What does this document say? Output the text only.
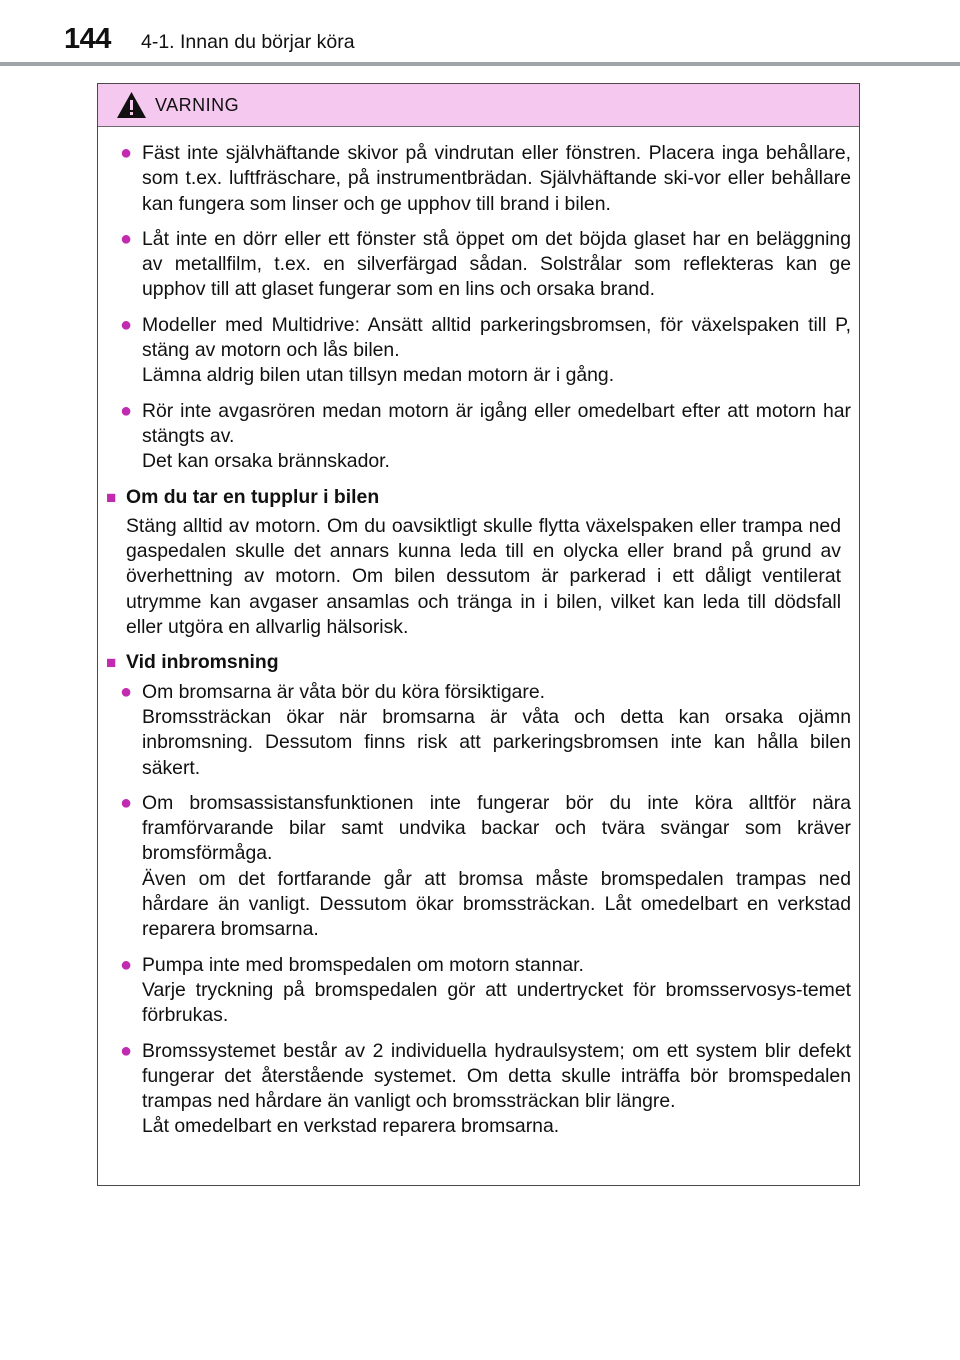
144 4-1. Innan du börjar köra
VARNING
● Fäst inte självhäftande skivor på vindrutan eller fönstren. Placera inga behållare, som t.ex. luftfräschare, på instrumentbrädan. Självhäftande ski-vor eller behållare kan fungera som linser och ge upphov till brand i bilen.

● Låt inte en dörr eller ett fönster stå öppet om det böjda glaset har en beläggning av metallfilm, t.ex. en silverfärgad sådan. Solstrålar som reflekteras kan ge upphov till att glaset fungerar som en lins och orsaka brand.

● Modeller med Multidrive: Ansätt alltid parkeringsbromsen, för växelspaken till P, stäng av motorn och lås bilen.

Lämna aldrig bilen utan tillsyn medan motorn är i gång.

● Rör inte avgasrören medan motorn är igång eller omedelbart efter att motorn har stängts av.

Det kan orsaka brännskador.

■ Om du tar en tupplur i bilen

Stäng alltid av motorn. Om du oavsiktligt skulle flytta växelspaken eller trampa ned gaspedalen skulle det annars kunna leda till en olycka eller brand på grund av överhettning av motorn. Om bilen dessutom är parkerad i ett dåligt ventilerat utrymme kan avgaser ansamlas och tränga in i bilen, vilket kan leda till dödsfall eller utgöra en allvarlig hälsorisk.

■ Vid inbromsning
● Om bromsarna är våta bör du köra försiktigare.

Bromssträckan ökar när bromsarna är våta och detta kan orsaka ojämn inbromsning. Dessutom finns risk att parkeringsbromsen inte kan hålla bilen säkert.

● Om bromsassistansfunktionen inte fungerar bör du inte köra alltför nära framförvarande bilar samt undvika backar och tvära svängar som kräver bromsförmåga.

Även om det fortfarande går att bromsa måste bromspedalen trampas ned hårdare än vanligt. Dessutom ökar bromssträckan. Låt omedelbart en verkstad reparera bromsarna.

● Pumpa inte med bromspedalen om motorn stannar.

Varje tryckning på bromspedalen gör att undertrycket för bromsservosys-temet förbrukas.

● Bromssystemet består av 2 individuella hydraulsystem; om ett system blir defekt fungerar det återstående systemet. Om detta skulle inträffa bör bromspedalen trampas ned hårdare än vanligt och bromssträckan blir längre.

Låt omedelbart en verkstad reparera bromsarna.
